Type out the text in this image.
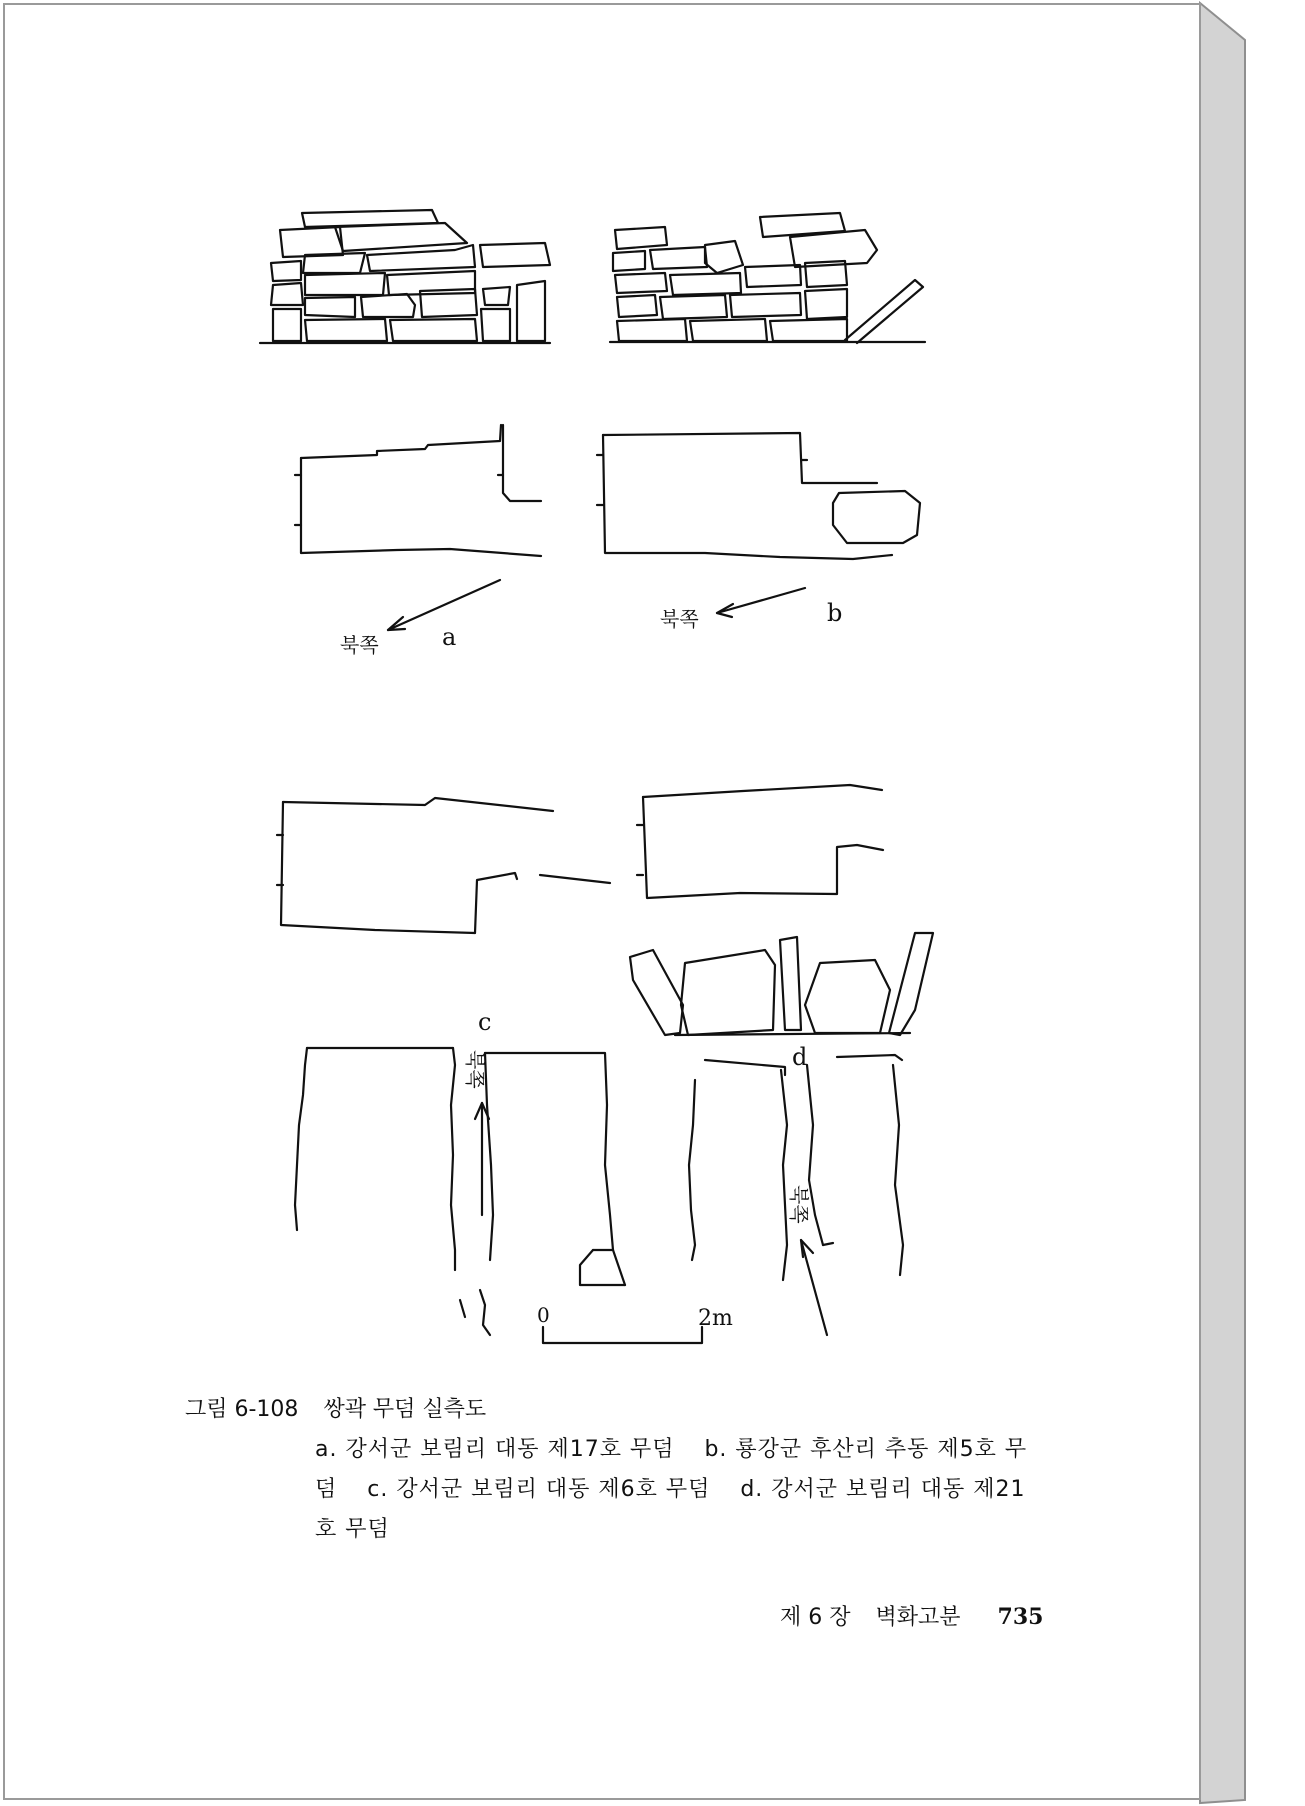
a
b
c
d
북쪽
북쪽
북쪽
북쪽
0	2m
그림 6-108 쌍곽 무덤 실측도
a. 강서군 보림리 대동 제17호 무덤 b. 룡강군 후산리 추동 제5호 무덤 c. 강서군 보림리 대동 제6호 무덤 d. 강서군 보림리 대동 제21호 무덤
제 6 장 벽화고분 735
